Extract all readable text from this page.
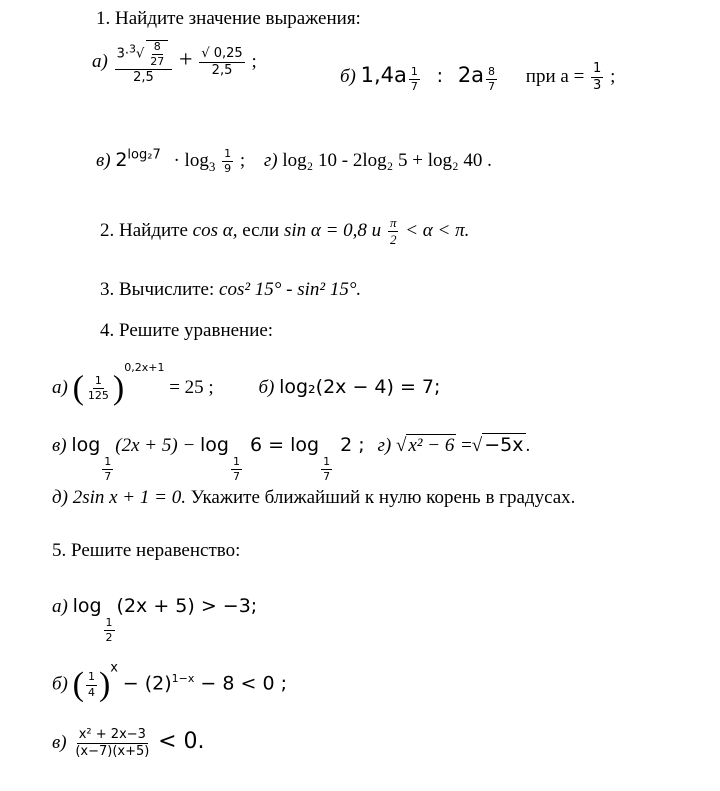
1. Найдите значение выражения:
$а) \frac{3\cdot^3√ \frac{8}{27}}{2,5} + \frac{√ 0,25}{2,5}$ ;
б) $1,4a \frac{1}{7}$ : $2a \frac{8}{7}$ при $a = \frac{1}{3}$ ;
в) $2^{log_27} \cdot \log_3 \frac{1}{9}$ ; г) log₂ 10 - 2log₂ 5 + log₂ 40 .
2. Найдите cos α, если sin α = 0,8 и $\frac{\pi}{2} < \alpha < \pi$.
3. Вычислите: cos² 15° - sin² 15°.
4. Решите уравнение:
а) ( $\frac{1}{125} )^{0,2x+1} = 25$ ; б) log₂(2x − 4) = 7;
в) log
$\frac{1}{7}$
(2x + 5) − log
$\frac{1}{7}$
6 = log
$\frac{1}{7}$
2 ; г) √ x² − 6 =√ −5x .
д) 2sin x + 1 = 0. Укажите ближайший к нулю корень в градусах.
5. Решите неравенство:
а) log
$\frac{1}{2}$
(2x + 5) > −3;
б) ( $\frac{1}{4} )^x - (2)^{1-x} - 8 < 0$ ;
$в) \frac{\text{x² + 2x−3}}{(x-7)(x+5)} < 0$.
